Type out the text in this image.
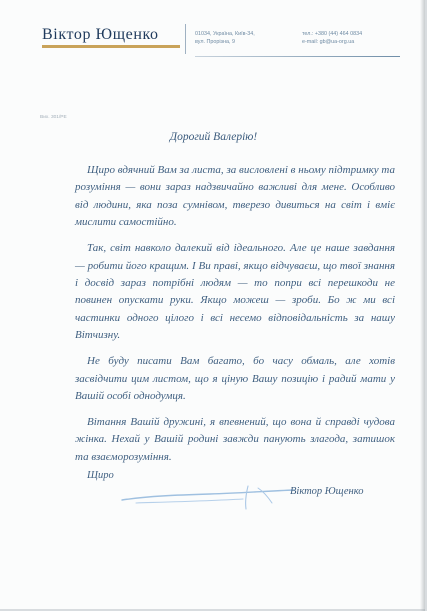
Віктор Ющенко	01034, Україна, Київ-34,
вул. Прорізна, 9
тел.: +380 (44) 464 0834
e-mail: gb@ua-org.ua
Вих. 301/РЕ
Дорогий Валерію!

Щиро вдячний Вам за листа, за висловлені в ньому підтримку та розуміння — вони зараз надзвичайно важливі для мене. Особливо від людини, яка поза сумнівом, тверезо дивиться на світ і вміє мислити самостійно.

Так, світ навколо далекий від ідеального. Але це наше завдання — робити його кращим. І Ви праві, якщо відчуваєш, що твої знання і досвід зараз потрібні людям — то попри всі перешкоди не повинен опускати руки. Якщо можеш — зроби. Бо ж ми всі частинки одного цілого і всі несемо відповідальність за нашу Вітчизну.

Не буду писати Вам багато, бо часу обмаль, але хотів засвідчити цим листом, що я ціную Вашу позицію і радий мати у Вашій особі однодумця.

Вітання Вашій дружині, я впевнений, що вона й справді чудова жінка. Нехай у Вашій родині завжди панують злагода, затишок та взаєморозуміння.

Щиро
Віктор Ющенко
